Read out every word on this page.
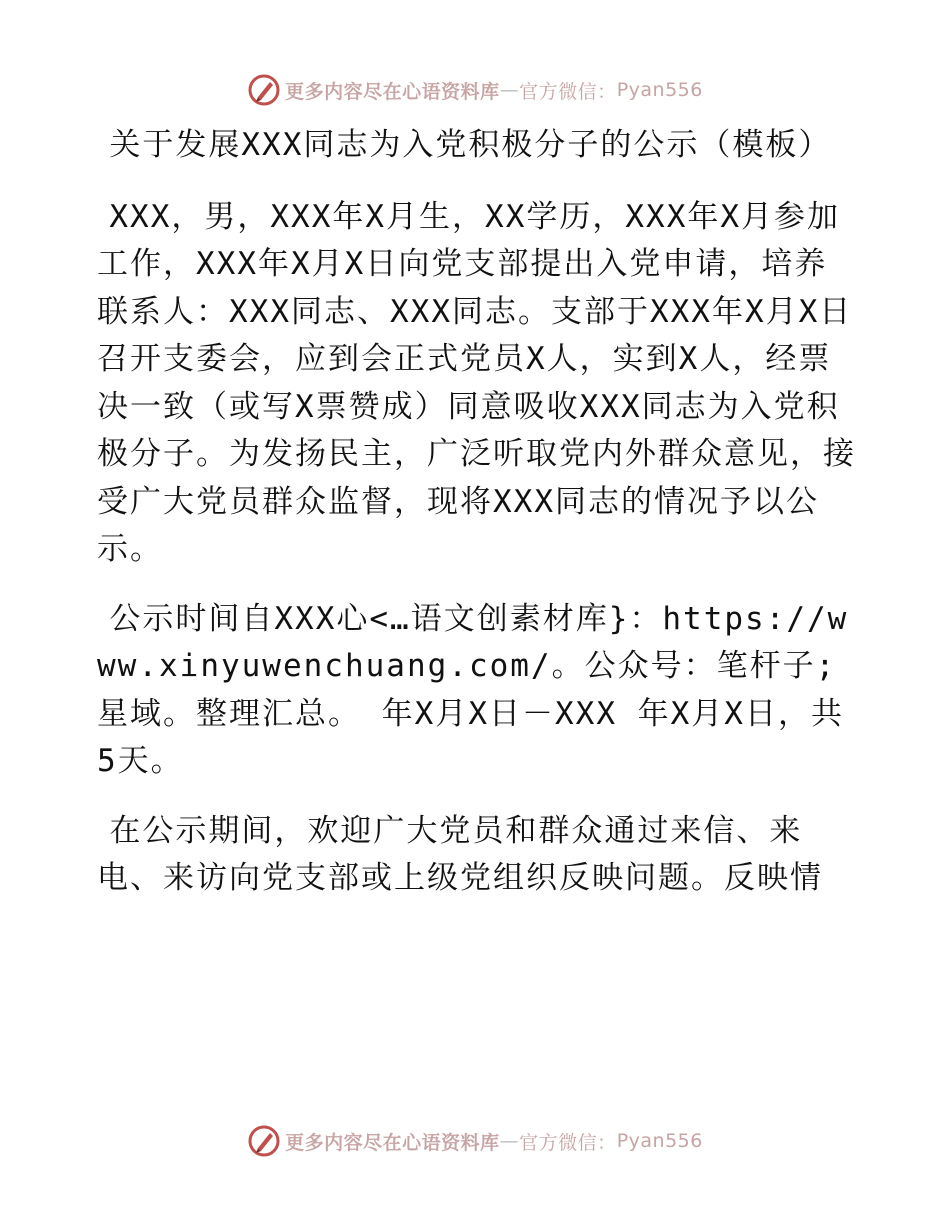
更多内容尽在心语资料库 — 官方微信： Pyan556

关于发展XXX同志为入党积极分子的公示（模板）

XXX，男，XXX年X月生，XX学历，XXX年X月参加工作，XXX年X月X日向党支部提出入党申请，培养联系人：XXX同志、XXX同志。支部于XXX年X月X日召开支委会，应到会正式党员X人，实到X人，经票决一致（或写X票赞成）同意吸收XXX同志为入党积极分子。为发扬民主，广泛听取党内外群众意见，接受广大党员群众监督，现将XXX同志的情况予以公示。

公示时间自XXX心<…语文创素材库}：https://www.xinyuwenchuang.com/。公众号：笔杆子;星域。整理汇总。 年X月X日－XXX 年X月X日，共5天。

在公示期间，欢迎广大党员和群众通过来信、来电、来访向党支部或上级党组织反映问题。反映情

更多内容尽在心语资料库 — 官方微信： Pyan556
